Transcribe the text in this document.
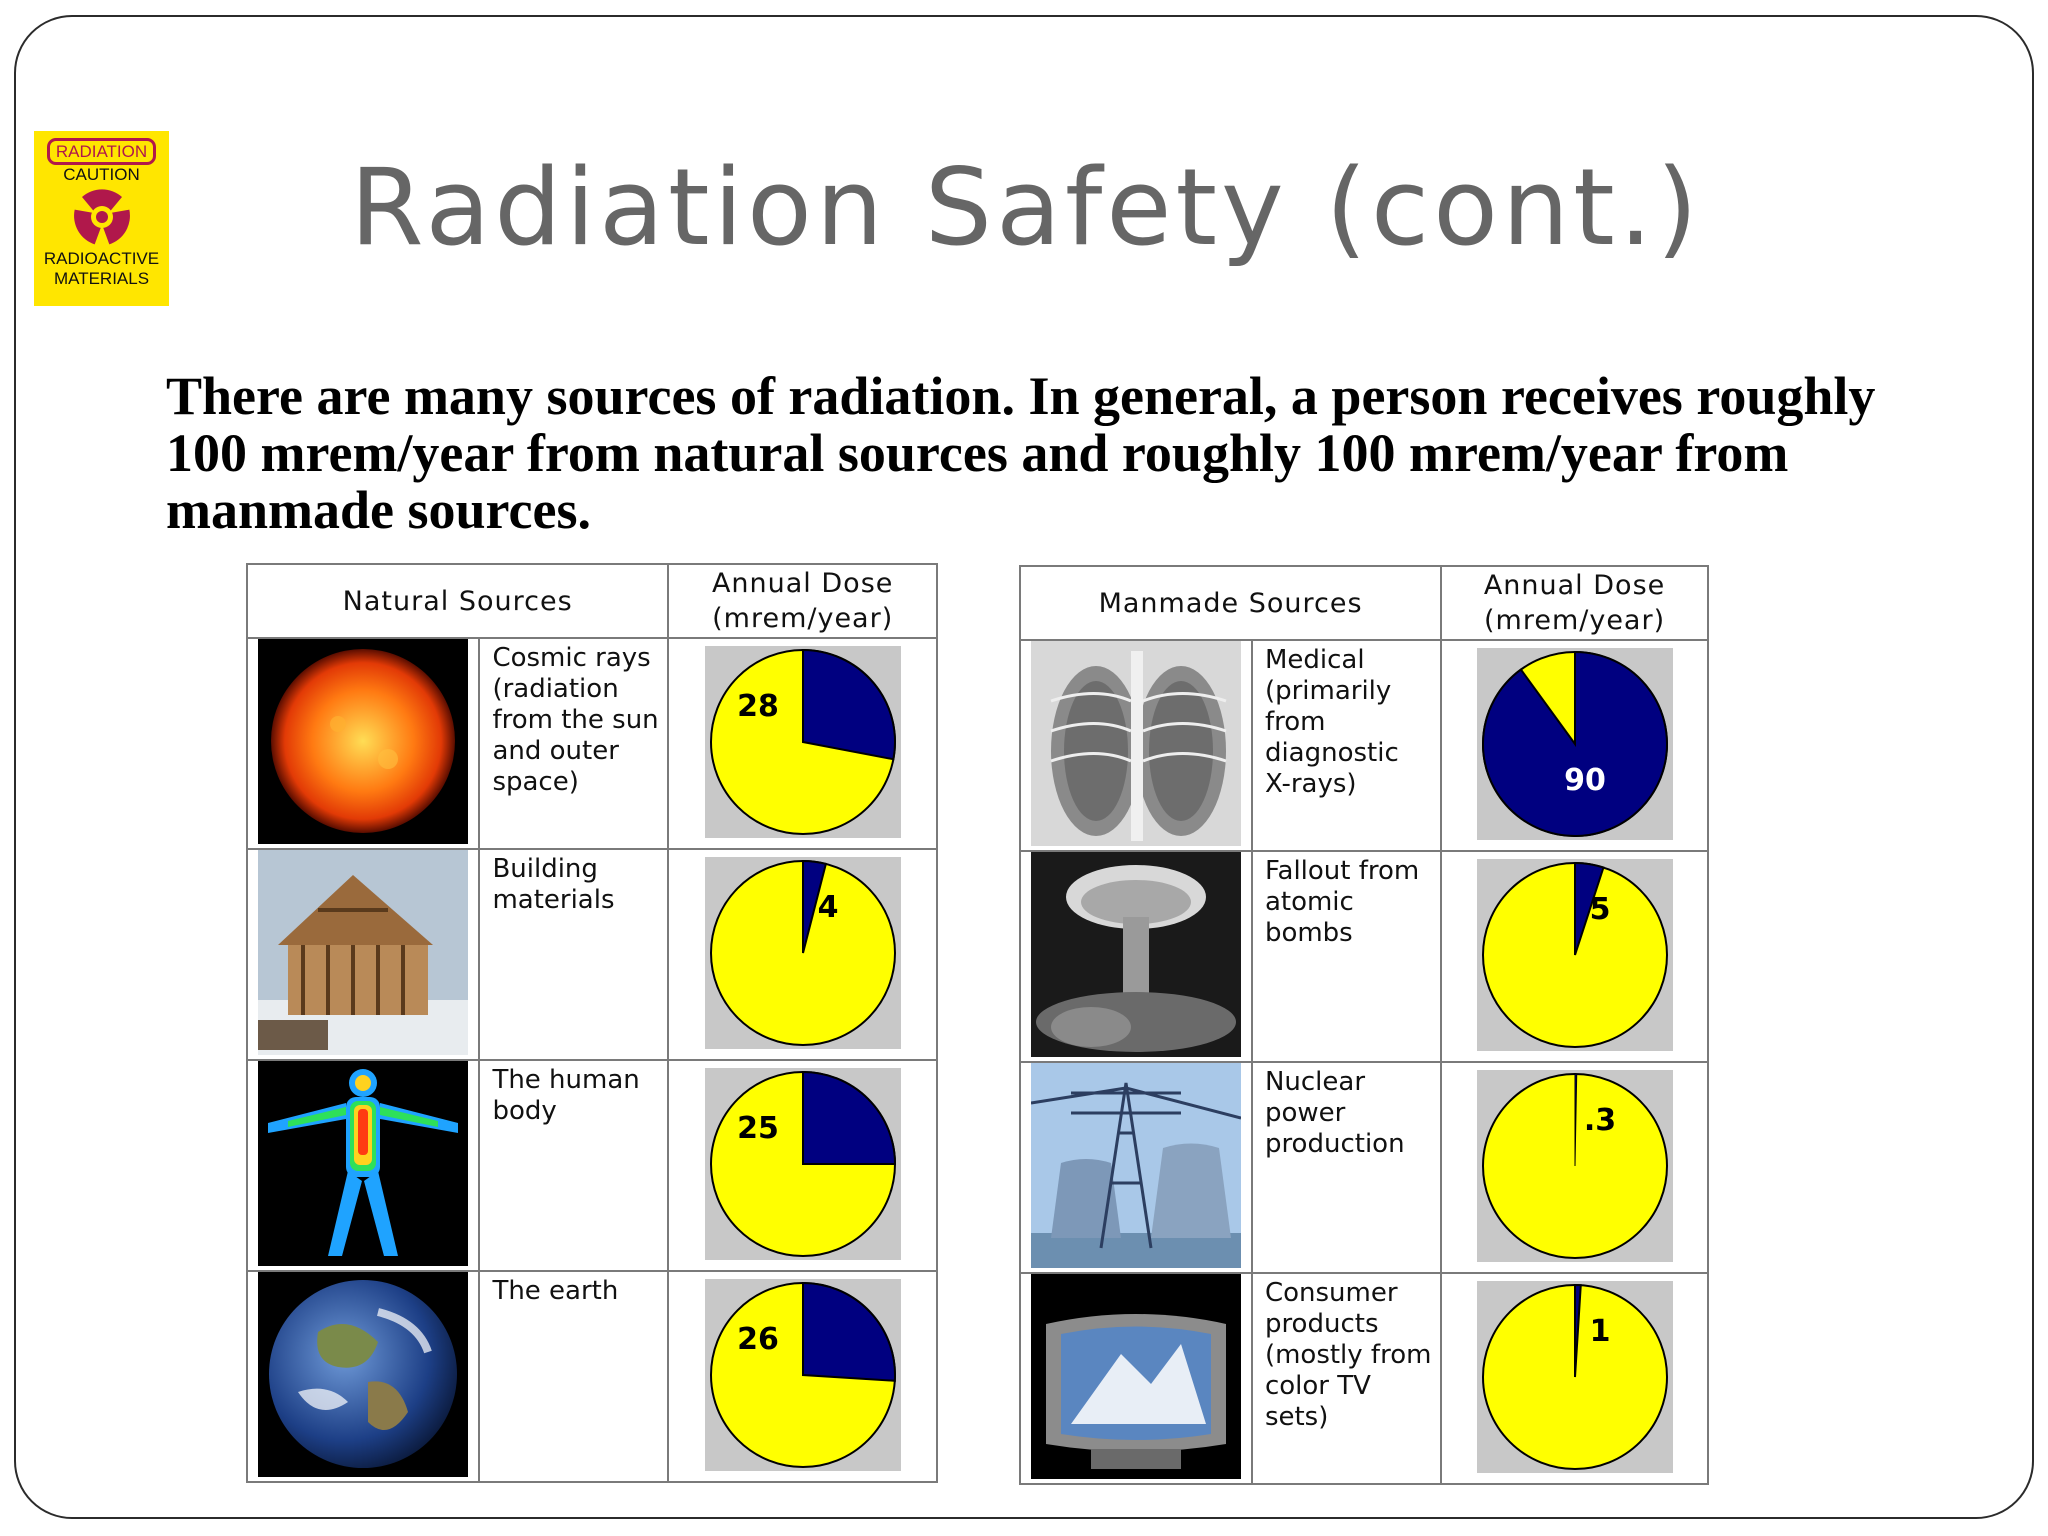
RADIATION
CAUTION
RADIOACTIVE
MATERIALS
Radiation Safety (cont.)
There are many sources of radiation. In general, a person receives roughly 100 mrem/year from natural sources and roughly 100 mrem/year from manmade sources.
Natural Sources		Annual Dose (mrem/year)
	Cosmic rays (radiation from the sun and outer space)	28

	Building materials	4

	The human body	25

	The earth	26
Manmade Sources		Annual Dose (mrem/year)
	Medical (primarily from diagnostic X-rays)	90

	Fallout from atomic bombs	5

	Nuclear power production	.3

	Consumer products (mostly from color TV sets)	1
